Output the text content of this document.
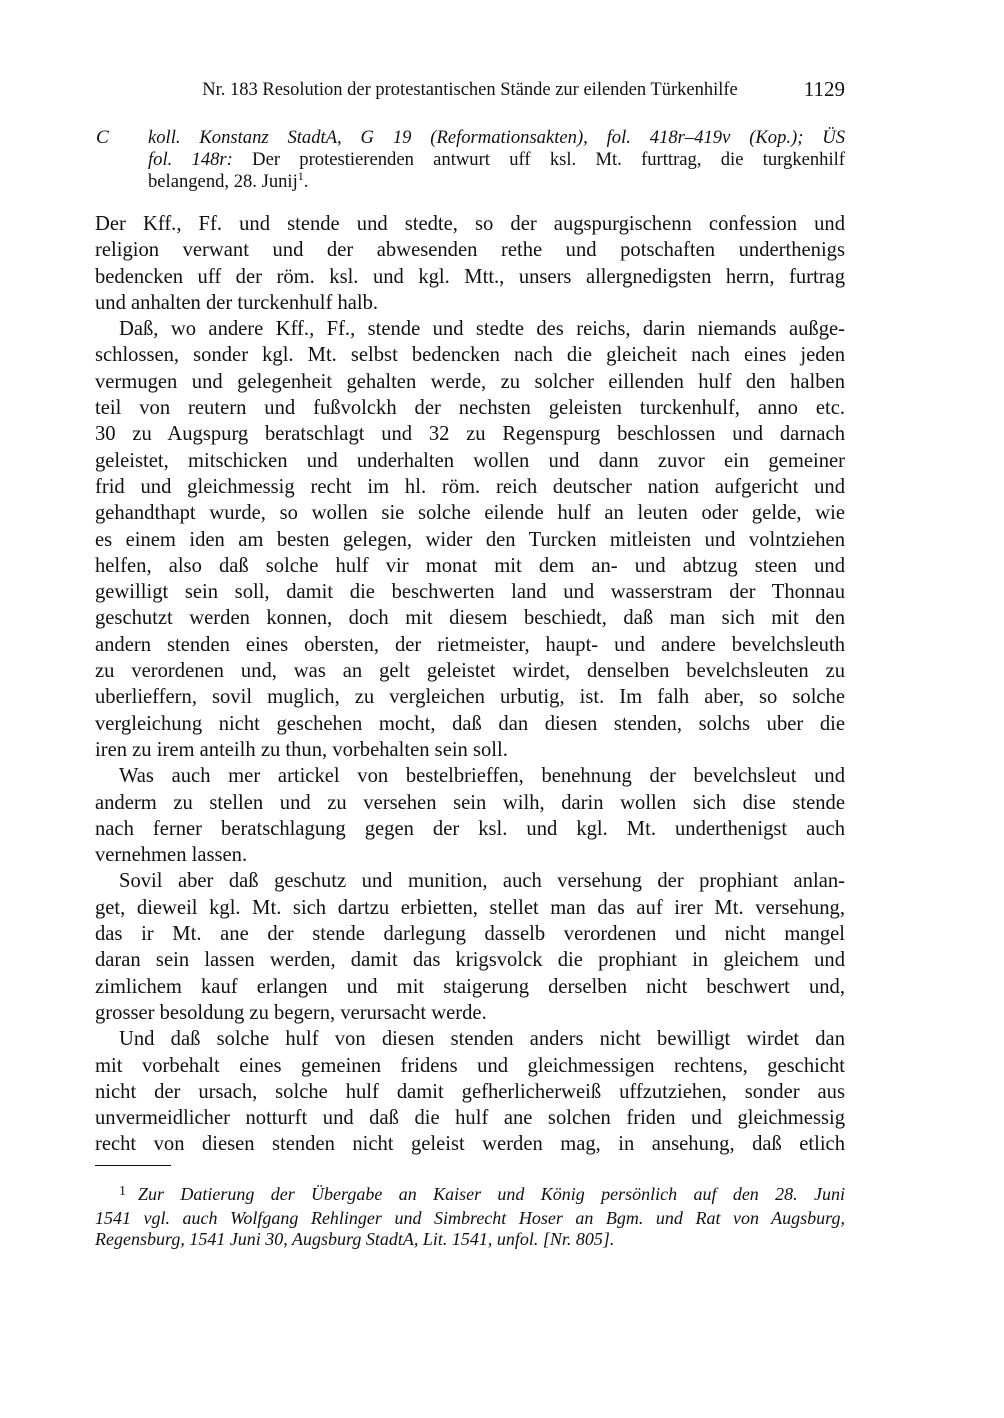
Nr. 183 Resolution der protestantischen Stände zur eilenden Türkenhilfe	1129
C koll. Konstanz StadtA, G 19 (Reformationsakten), fol. 418r–419v (Kop.); ÜS
fol. 148r: Der protestierenden antwurt uff ksl. Mt. furttrag, die turgkenhilf
belangend, 28. Junij$^1$.
Der Kff., Ff. und stende und stedte, so der augspurgischenn confession und
religion verwant und der abwesenden rethe und potschaften underthenigs
bedencken uff der röm. ksl. und kgl. Mtt., unsers allergnedigsten herrn, furtrag
und anhalten der turckenhulf halb.
Daß, wo andere Kff., Ff., stende und stedte des reichs, darin niemands außge-
schlossen, sonder kgl. Mt. selbst bedencken nach die gleicheit nach eines jeden
vermugen und gelegenheit gehalten werde, zu solcher eillenden hulf den halben
teil von reutern und fußvolckh der nechsten geleisten turckenhulf, anno etc.
30 zu Augspurg beratschlagt und 32 zu Regenspurg beschlossen und darnach
geleistet, mitschicken und underhalten wollen und dann zuvor ein gemeiner
frid und gleichmessig recht im hl. röm. reich deutscher nation aufgericht und
gehandthapt wurde, so wollen sie solche eilende hulf an leuten oder gelde, wie
es einem iden am besten gelegen, wider den Turcken mitleisten und volntziehen
helfen, also daß solche hulf vir monat mit dem an- und abtzug steen und
gewilligt sein soll, damit die beschwerten land und wasserstram der Thonnau
geschutzt werden konnen, doch mit diesem beschiedt, daß man sich mit den
andern stenden eines obersten, der rietmeister, haupt- und andere bevelchsleuth
zu verordenen und, was an gelt geleistet wirdet, denselben bevelchsleuten zu
uberlieffern, sovil muglich, zu vergleichen urbutig, ist. Im falh aber, so solche
vergleichung nicht geschehen mocht, daß dan diesen stenden, solchs uber die
iren zu irem anteilh zu thun, vorbehalten sein soll.
Was auch mer artickel von bestelbrieffen, benehnung der bevelchsleut und
anderm zu stellen und zu versehen sein wilh, darin wollen sich dise stende
nach ferner beratschlagung gegen der ksl. und kgl. Mt. underthenigst auch
vernehmen lassen.
Sovil aber daß geschutz und munition, auch versehung der prophiant anlan-
get, dieweil kgl. Mt. sich dartzu erbietten, stellet man das auf irer Mt. versehung,
das ir Mt. ane der stende darlegung dasselb verordenen und nicht mangel
daran sein lassen werden, damit das krigsvolck die prophiant in gleichem und
zimlichem kauf erlangen und mit staigerung derselben nicht beschwert und,
grosser besoldung zu begern, verursacht werde.
Und daß solche hulf von diesen stenden anders nicht bewilligt wirdet dan
mit vorbehalt eines gemeinen fridens und gleichmessigen rechtens, geschicht
nicht der ursach, solche hulf damit gefherlicherweiß uffzutziehen, sonder aus
unvermeidlicher notturft und daß die hulf ane solchen friden und gleichmessig
recht von diesen stenden nicht geleist werden mag, in ansehung, daß etlich
$^1$ Zur Datierung der Übergabe an Kaiser und König persönlich auf den 28. Juni
1541 vgl. auch Wolfgang Rehlinger und Simbrecht Hoser an Bgm. und Rat von Augsburg,
Regensburg, 1541 Juni 30, Augsburg StadtA, Lit. 1541, unfol. [Nr. 805].
